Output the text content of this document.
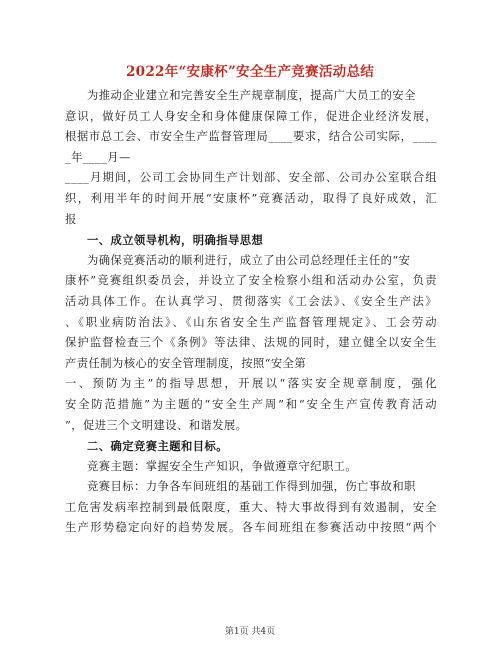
2022年“安康杯”安全生产竞赛活动总结
为推动企业建立和完善安全生产规章制度，提高广大员工的安全
意识，做好员工人身安全和身体健康保障工作，促进企业经济发展，
根据市总工会、市安全生产监督管理局____要求，结合公司实际，____
_年____月—
____月期间，公司工会协同生产计划部、安全部、公司办公室联合组
织，利用半年的时间开展“安康杯”竞赛活动，取得了良好成效，汇
报
一、成立领导机构，明确指导思想
为确保竞赛活动的顺利进行，成立了由公司总经理任主任的“安
康杯”竞赛组织委员会，并设立了安全检察小组和活动办公室，负责
活动具体工作。在认真学习、贯彻落实《工会法》、《安全生产法》
、《职业病防治法》、《山东省安全生产监督管理规定》、工会劳动
保护监督检查三个《条例》等法律、法规的同时，建立健全以安全生
产责任制为核心的安全管理制度，按照“安全第
一、预防为主”的指导思想，开展以“落实安全规章制度，强化
安全防范措施”为主题的“安全生产周”和“安全生产宣传教育活动
”，促进三个文明建设、和谐发展。
二、确定竞赛主题和目标。
竞赛主题：掌握安全生产知识，争做遵章守纪职工。
竞赛目标：力争各车间班组的基础工作得到加强，伤亡事故和职
工危害发病率控制到最低限度，重大、特大事故得到有效遏制，安全
生产形势稳定向好的趋势发展。各车间班组在参赛活动中按照“两个
第1页 共4页
